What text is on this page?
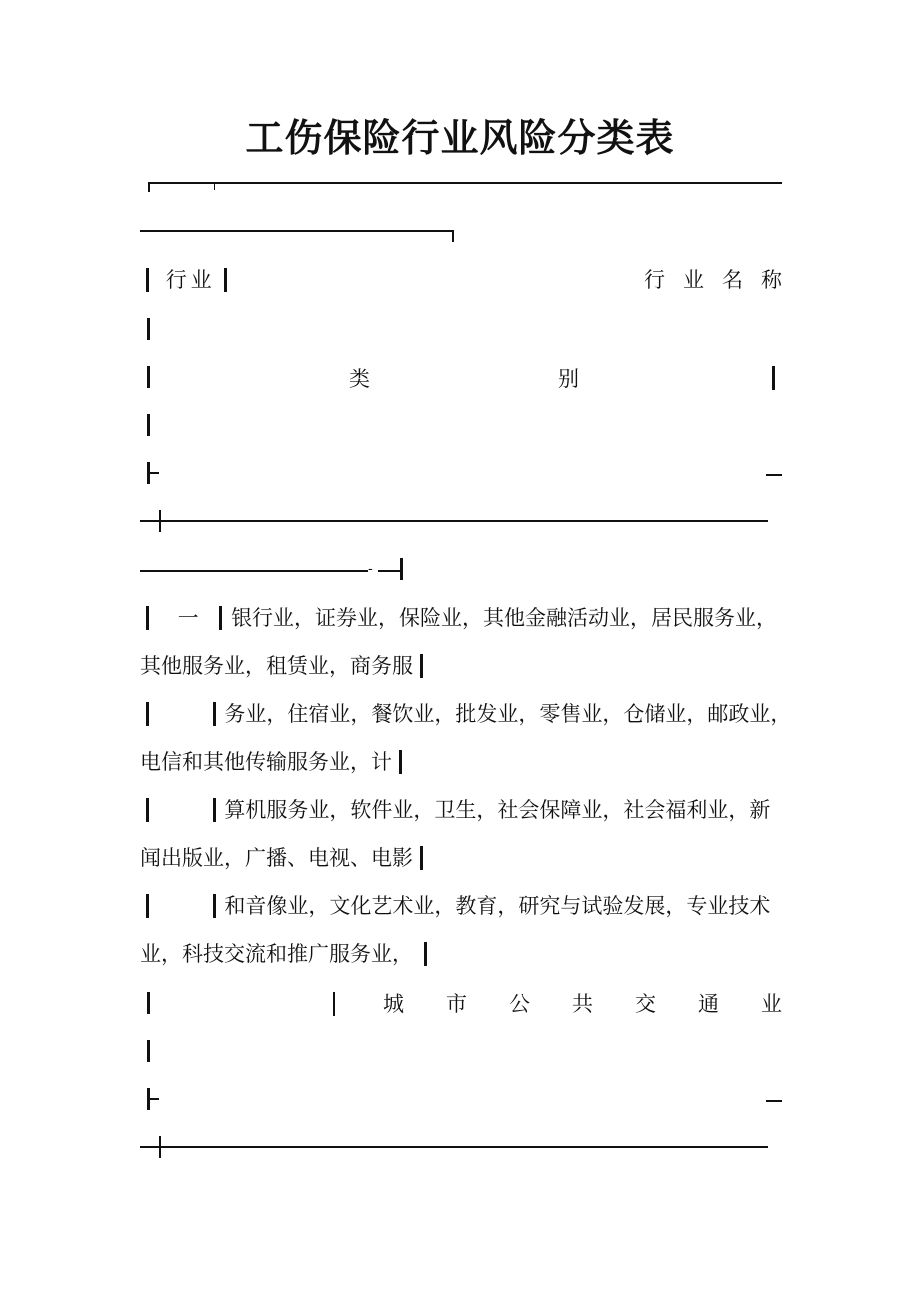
工伤保险行业风险分类表
行业	行 业 名 称
类	别
-
一 银行业，证券业，保险业，其他金融活动业，居民服务业，
其他服务业，租赁业，商务服
务业，住宿业，餐饮业，批发业，零售业，仓储业，邮政业，
电信和其他传输服务业，计
算机服务业，软件业，卫生，社会保障业，社会福利业，新
闻出版业，广播、电视、电影
和音像业，文化艺术业，教育，研究与试验发展，专业技术
业，科技交流和推广服务业，
城 市 公 共 交 通 业
